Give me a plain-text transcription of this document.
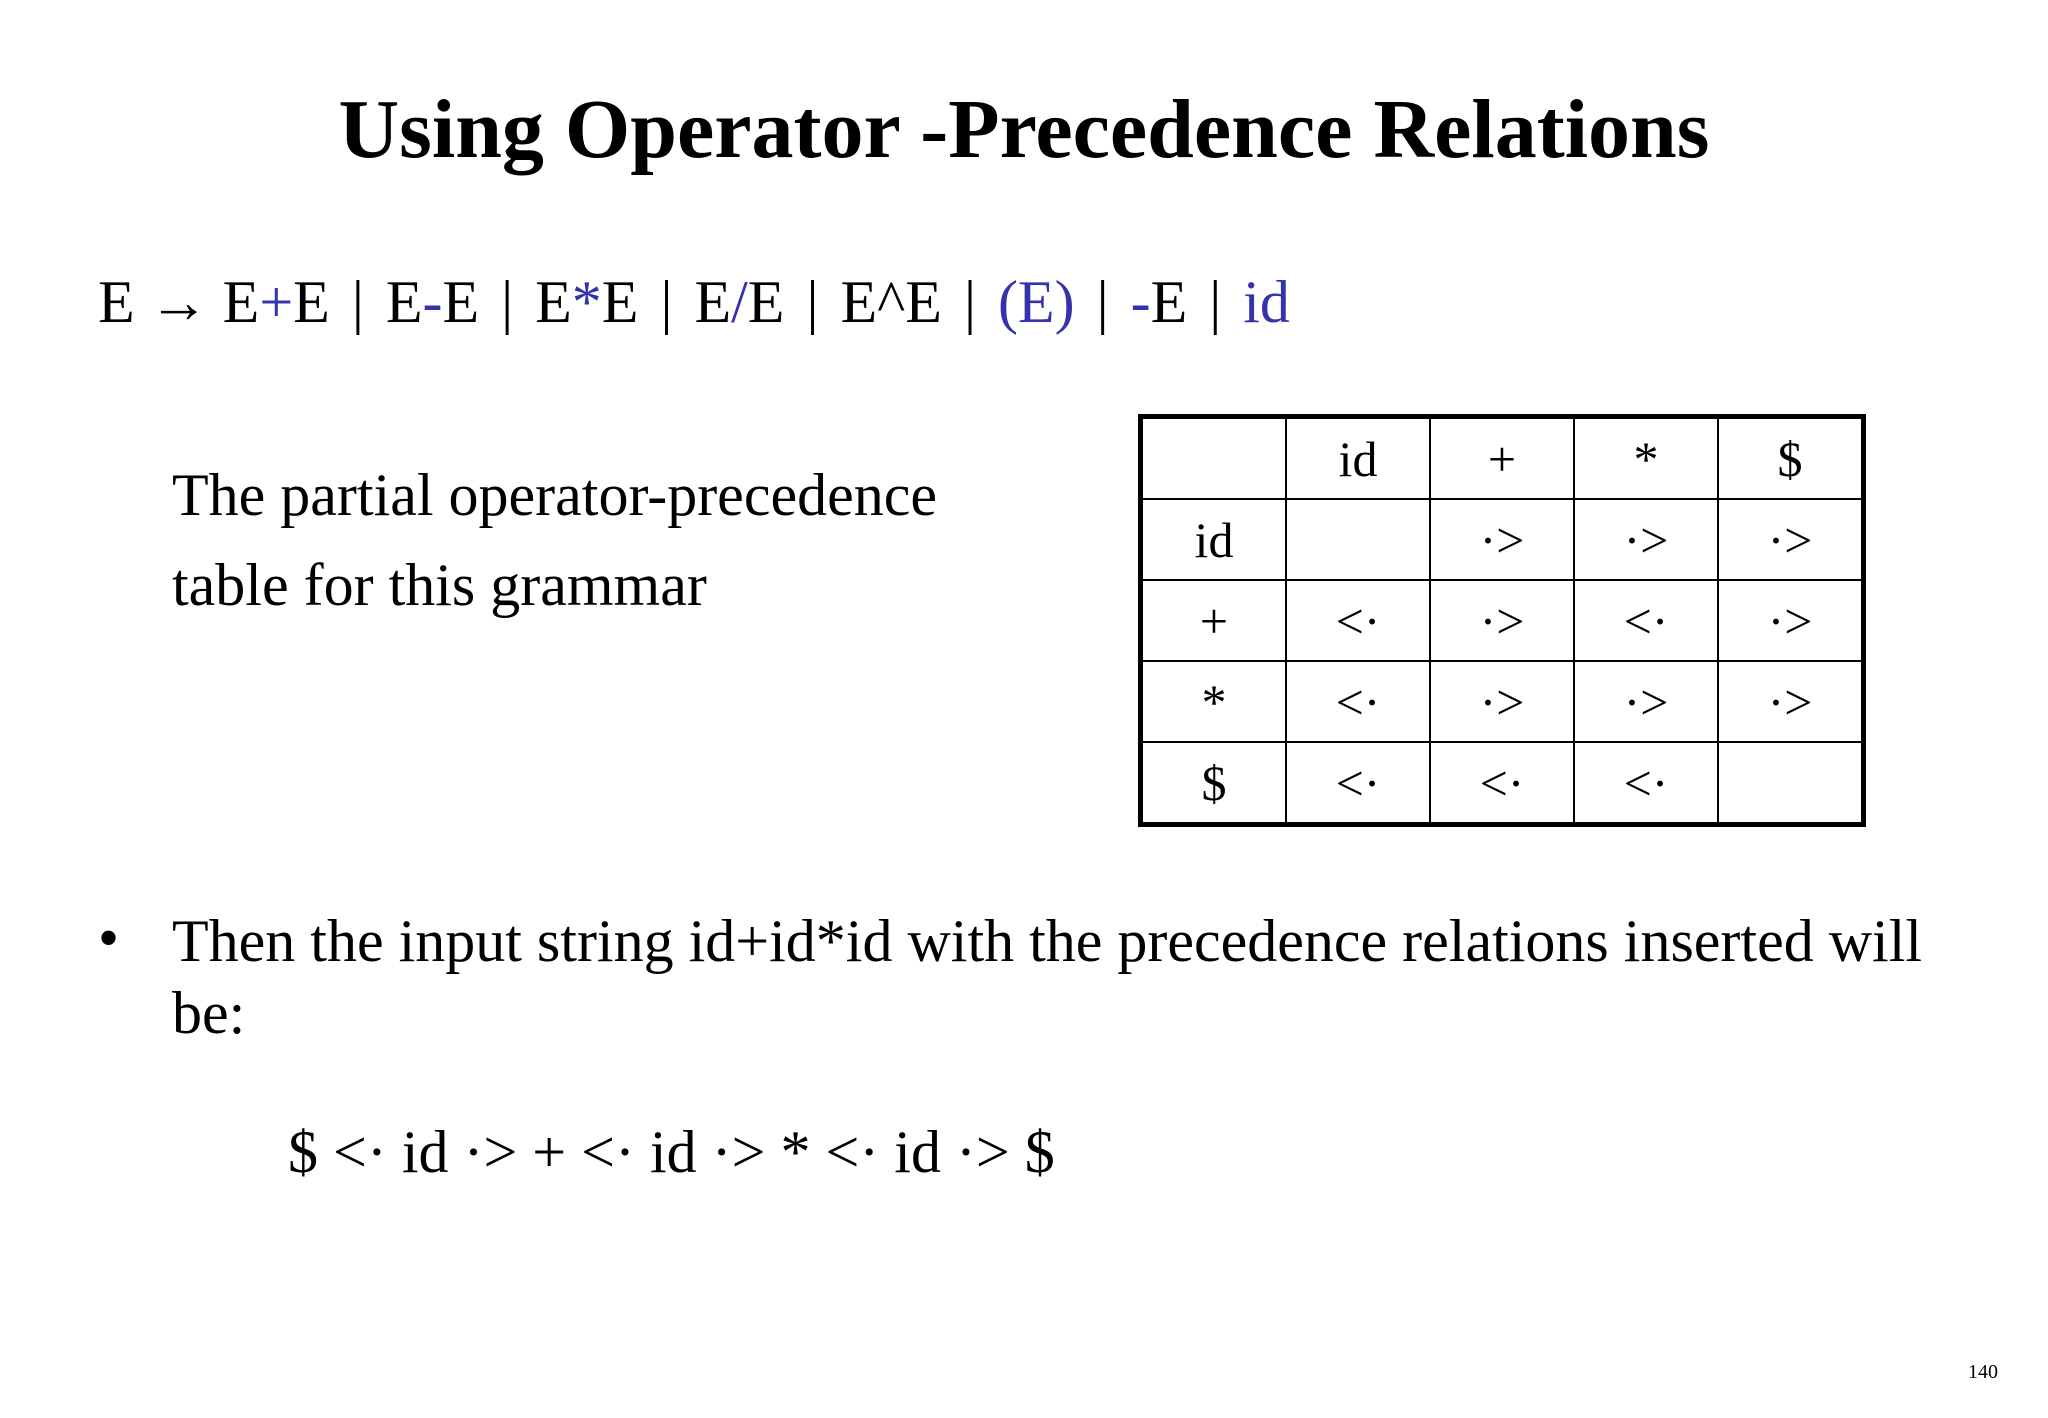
Using Operator -Precedence Relations
E → E+E | E-E | E*E | E/E | E^E | (E) | -E | id
The partial operator-precedence
table for this grammar
	id	+	*	$
id		·>	·>	·>
+	<·	·>	<·	·>
*	<·	·>	·>	·>
$	<·	<·	<·	
• Then the input string id+id*id with the precedence relations inserted will be:
$ <· id ·> + <· id ·> * <· id ·> $
140
